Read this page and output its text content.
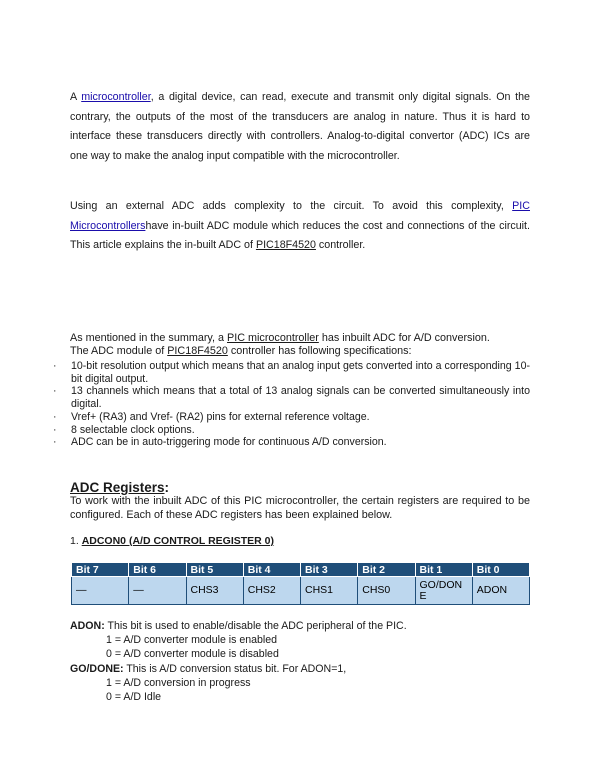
A microcontroller, a digital device, can read, execute and transmit only digital signals. On the contrary, the outputs of the most of the transducers are analog in nature. Thus it is hard to interface these transducers directly with controllers. Analog-to-digital convertor (ADC) ICs are one way to make the analog input compatible with the microcontroller.

Using an external ADC adds complexity to the circuit. To avoid this complexity, PIC Microcontrollershave in-built ADC module which reduces the cost and connections of the circuit. This article explains the in-built ADC of PIC18F4520 controller.

As mentioned in the summary, a PIC microcontroller has inbuilt ADC for A/D conversion.
The ADC module of PIC18F4520 controller has following specifications:

· 10-bit resolution output which means that an analog input gets converted into a corresponding 10-bit digital output.
· 13 channels which means that a total of 13 analog signals can be converted simultaneously into digital.
· Vref+ (RA3) and Vref- (RA2) pins for external reference voltage.
· 8 selectable clock options.
· ADC can be in auto-triggering mode for continuous A/D conversion.

ADC Registers:

To work with the inbuilt ADC of this PIC microcontroller, the certain registers are required to be configured. Each of these ADC registers has been explained below.

1. ADCON0 (A/D CONTROL REGISTER 0)

Bit 7	Bit 6	Bit 5	Bit 4	Bit 3	Bit 2	Bit 1	Bit 0
—	—	CHS3	CHS2	CHS1	CHS0	GO/DONE	ADON
ADON: This bit is used to enable/disable the ADC peripheral of the PIC.
1 = A/D converter module is enabled
0 = A/D converter module is disabled
GO/DONE: This is A/D conversion status bit. For ADON=1,
1 = A/D conversion in progress
0 = A/D Idle
